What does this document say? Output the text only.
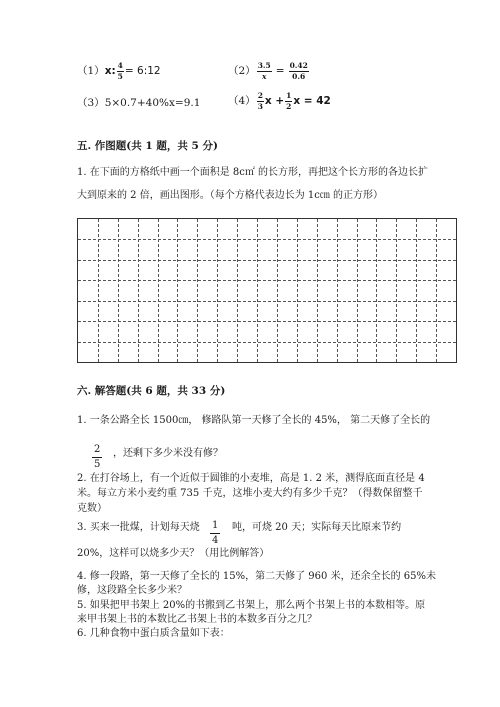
（1）x: $\frac{4}{5}$ = 6:12	$(2) \frac{3.5}{x} = \frac{0.42}{0.6}$
（3）5×0.7+40%x=9.1	$(4) \frac{2}{3}$ $x + \frac{1}{2}$ x = 42
五. 作图题(共 1 题，共 5 分)
1. 在下面的方格纸中画一个面积是 8c㎡ 的长方形，再把这个长方形的各边长扩
大到原来的 2 倍，画出图形。（每个方格代表边长为 1c㎝ 的正方形）
六. 解答题(共 6 题，共 33 分)
1. 一条公路全长 1500㎝， 修路队第一天修了全长的 45%， 第二天修了全长的
$\frac{2}{5}$ ，还剩下多少米没有修？
2. 在打谷场上，有一个近似于圆锥的小麦堆，高是 1. 2 米，测得底面直径是 4
米。每立方米小麦约重 735 千克，这堆小麦大约有多少千克？（得数保留整千
克数）
3. 买来一批煤，计划每天烧 $\frac{1}{4}$ 吨，可烧 20 天；实际每天比原来节约
20%，这样可以烧多少天？（用比例解答）
4. 修一段路，第一天修了全长的 15%，第二天修了 960 米，还余全长的 65%未
修，这段路全长多少米？
5. 如果把甲书架上 20%的书搬到乙书架上，那么两个书架上书的本数相等。原
来甲书架上书的本数比乙书架上书的本数多百分之几？
6. 几种食物中蛋白质含量如下表：
